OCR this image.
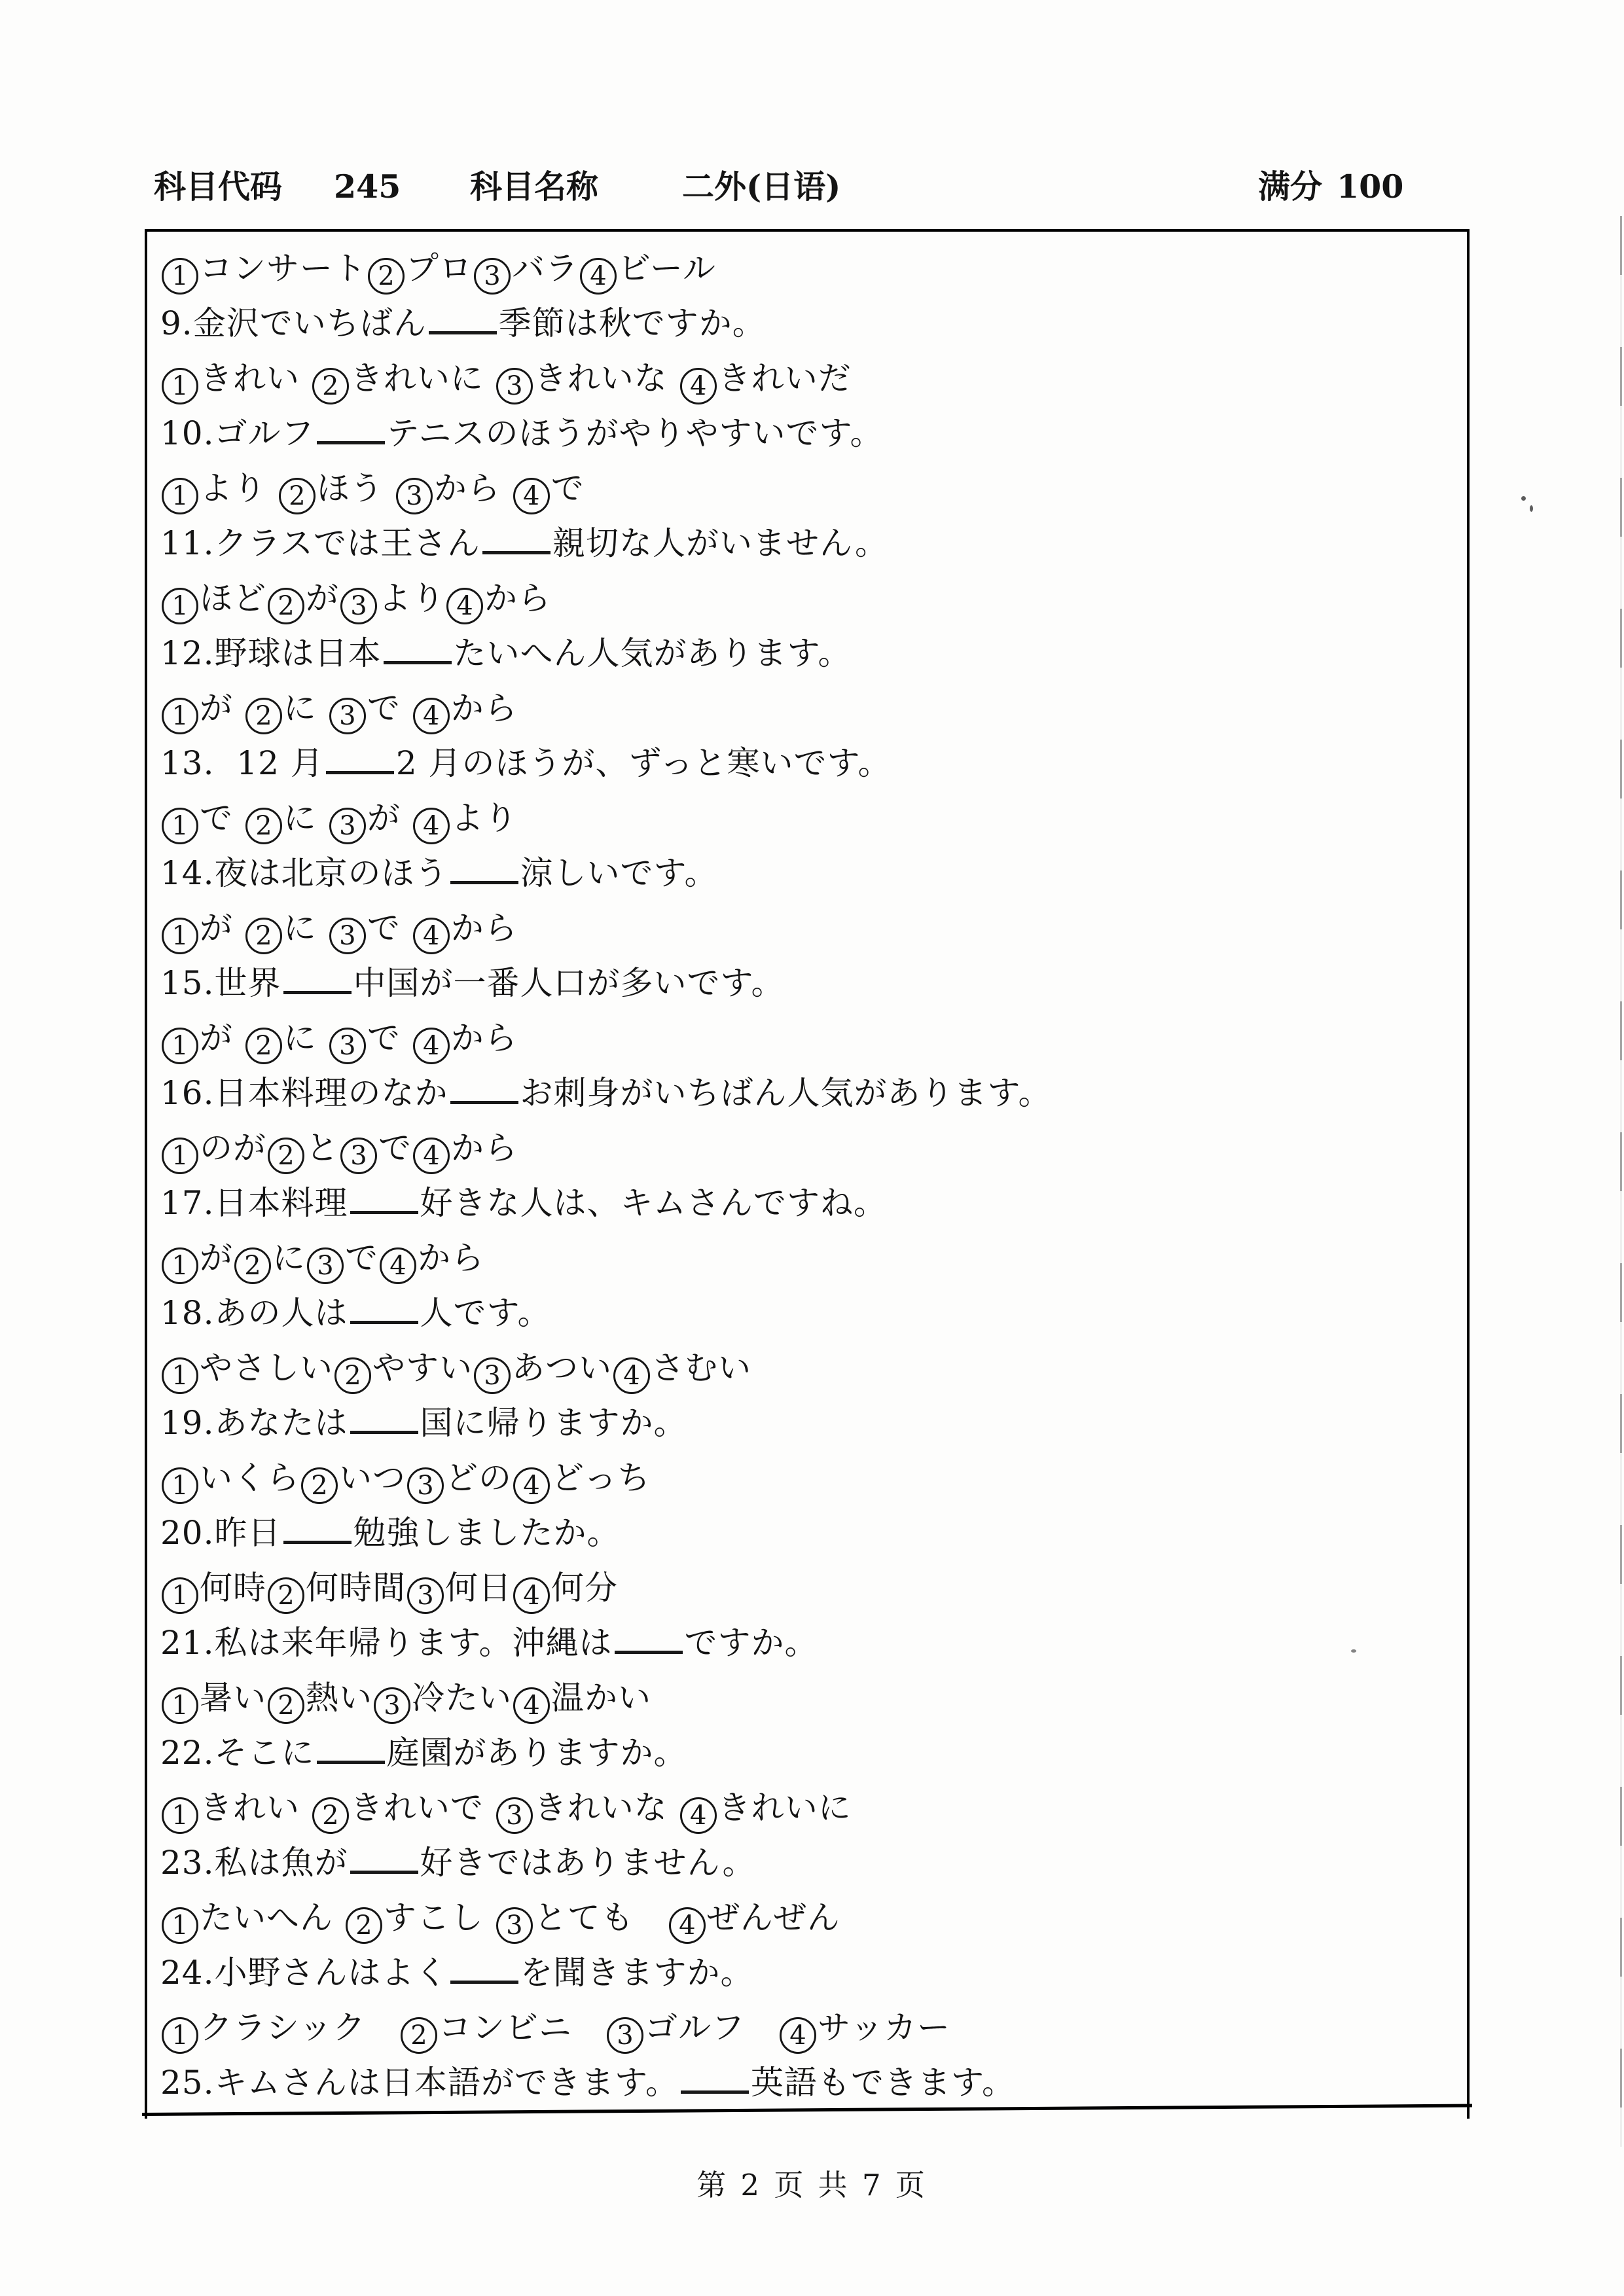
科目代码

245

科目名称

	二外(日语)

	满分

100

1 コンサート 2 プロ 3 バラ 4 ビール
9.金沢でいちばん 季節は秋ですか。
1 きれい 2 きれいに 3 きれいな 4 きれいだ
10.ゴルフ テニスのほうがやりやすいです。
1 より 2 ほう 3 から 4 で
11.クラスでは王さん 親切な人がいません。
1 ほど 2 が 3 より 4 から
12.野球は日本 たいへん人気があります。
1 が 2 に 3 で 4 から
13.  12 月 2 月のほうが、ずっと寒いです。
1 で 2 に 3 が 4 より
14.夜は北京のほう 涼しいです。
1 が 2 に 3 で 4 から
15.世界 中国が一番人口が多いです。
1 が 2 に 3 で 4 から
16.日本料理のなか お刺身がいちばん人気があります。
1 のが 2 と 3 で 4 から
17.日本料理 好きな人は、キムさんですね。
1 が 2 に 3 で 4 から
18.あの人は 人です。
1 やさしい 2 やすい 3 あつい 4 さむい
19.あなたは 国に帰りますか。
1 いくら 2 いつ 3 どの 4 どっち
20.昨日 勉強しましたか。
1 何時 2 何時間 3 何日 4 何分
21.私は来年帰ります。沖縄は ですか。
1 暑い 2 熱い 3 冷たい 4 温かい
22.そこに 庭園がありますか。
1 きれい 2 きれいで 3 きれいな 4 きれいに
23.私は魚が 好きではありません。
1 たいへん 2 すこし 3 とても　4 ぜんぜん
24.小野さんはよく を聞きますか。
1 クラシック　2 コンビニ　3 ゴルフ　4 サッカー
25.キムさんは日本語ができます。 英語もできます。
第 2 页 共 7 页
